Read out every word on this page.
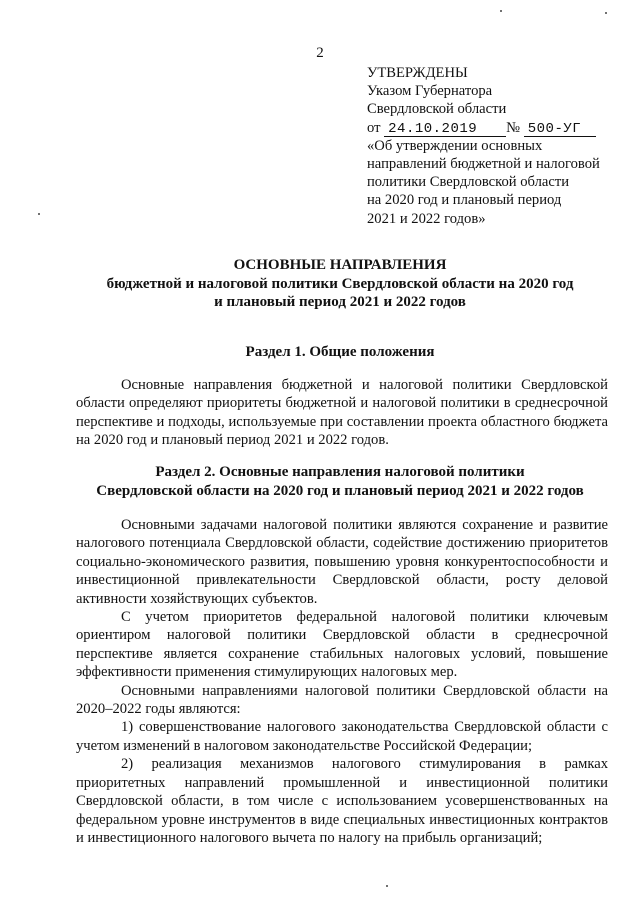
2
УТВЕРЖДЕНЫ
Указом Губернатора
Свердловской области
от 24.10.2019 № 500-УГ
«Об утверждении основных
направлений бюджетной и налоговой
политики Свердловской области
на 2020 год и плановый период
2021 и 2022 годов»
ОСНОВНЫЕ НАПРАВЛЕНИЯ
бюджетной и налоговой политики Свердловской области на 2020 год
и плановый период 2021 и 2022 годов
Раздел 1. Общие положения

Основные направления бюджетной и налоговой политики Свердловской области определяют приоритеты бюджетной и налоговой политики в среднесрочной перспективе и подходы, используемые при составлении проекта областного бюджета на 2020 год и плановый период 2021 и 2022 годов.

Раздел 2. Основные направления налоговой политики
Свердловской области на 2020 год и плановый период 2021 и 2022 годов

Основными задачами налоговой политики являются сохранение и развитие налогового потенциала Свердловской области, содействие достижению приоритетов социально-экономического развития, повышению уровня конкурентоспособности и инвестиционной привлекательности Свердловской области, росту деловой активности хозяйствующих субъектов.

С учетом приоритетов федеральной налоговой политики ключевым ориентиром налоговой политики Свердловской области в среднесрочной перспективе является сохранение стабильных налоговых условий, повышение эффективности применения стимулирующих налоговых мер.

Основными направлениями налоговой политики Свердловской области на 2020–2022 годы являются:

1) совершенствование налогового законодательства Свердловской области с учетом изменений в налоговом законодательстве Российской Федерации;

2) реализация механизмов налогового стимулирования в рамках приоритетных направлений промышленной и инвестиционной политики Свердловской области, в том числе с использованием усовершенствованных на федеральном уровне инструментов в виде специальных инвестиционных контрактов и инвестиционного налогового вычета по налогу на прибыль организаций;
